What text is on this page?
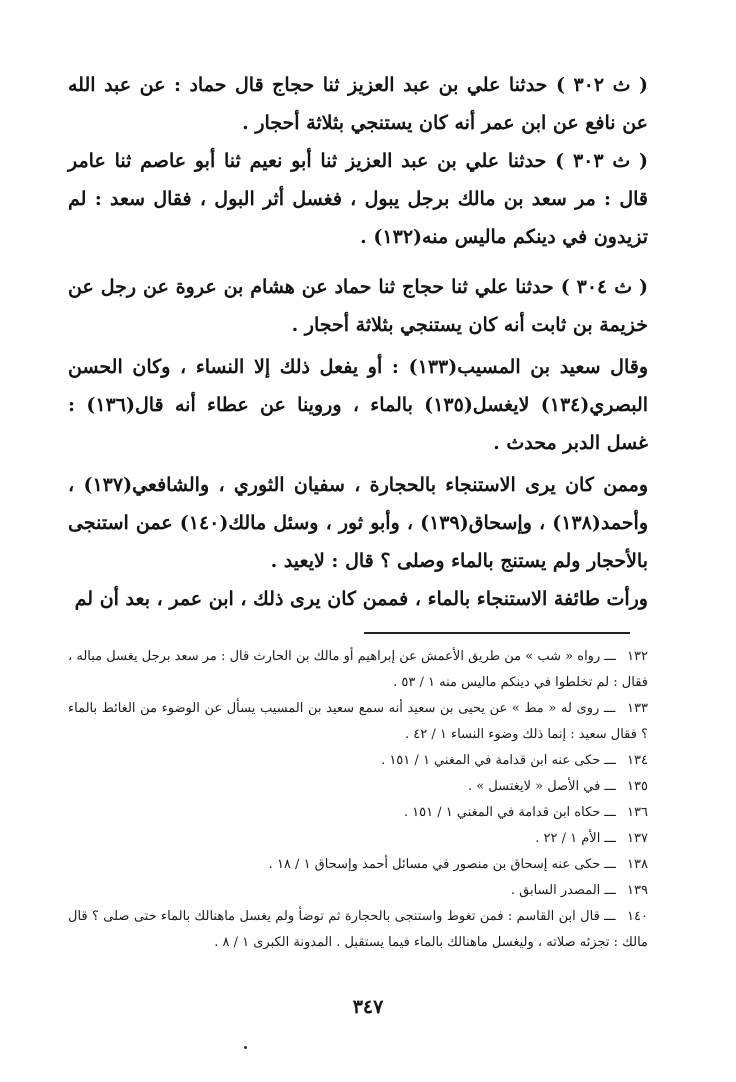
( ث ٣٠٢ ) حدثنا علي بن عبد العزيز ثنا حجاج قال حماد : عن عبد الله عن نافع عن ابن عمر أنه كان يستنجي بثلاثة أحجار .

( ث ٣٠٣ ) حدثنا علي بن عبد العزيز ثنا أبو نعيم ثنا أبو عاصم ثنا عامر قال : مر سعد بن مالك برجل يبول ، فغسل أثر البول ، فقال سعد : لم تزيدون في دينكم ماليس منه(١٣٢) .

( ث ٣٠٤ ) حدثنا علي ثنا حجاج ثنا حماد عن هشام بن عروة عن رجل عن خزيمة بن ثابت أنه كان يستنجي بثلاثة أحجار .

وقال سعيد بن المسيب(١٣٣) : أو يفعل ذلك إلا النساء ، وكان الحسن البصري(١٣٤) لايغسل(١٣٥) بالماء ، وروينا عن عطاء أنه قال(١٣٦) : غسل الدبر محدث .

وممن كان يرى الاستنجاء بالحجارة ، سفيان الثوري ، والشافعي(١٣٧) ، وأحمد(١٣٨) ، وإسحاق(١٣٩) ، وأبو ثور ، وسئل مالك(١٤٠) عمن استنجى بالأحجار ولم يستنج بالماء وصلى ؟ قال : لايعيد .

ورأت طائفة الاستنجاء بالماء ، فممن كان يرى ذلك ، ابن عمر ، بعد أن لم

١٣٢ ـــ رواه « شب » من طريق الأعمش عن إبراهيم أو مالك بن الحارث قال : مر سعد برجل يغسل مباله ، فقال : لم تخلطوا في دينكم ماليس منه ١ / ٥٣ .

١٣٣ ـــ روى له « مط » عن يحيى بن سعيد أنه سمع سعيد بن المسيب يسأل عن الوضوء من الغائط بالماء ؟ فقال سعيد : إنما ذلك وضوء النساء ١ / ٤٢ .

١٣٤ ـــ حكى عنه ابن قدامة في المغني ١ / ١٥١ .

١٣٥ ـــ في الأصل « لايغتسل » .

١٣٦ ـــ حكاه ابن قدامة في المغني ١ / ١٥١ .

١٣٧ ـــ الأم ١ / ٢٢ .

١٣٨ ـــ حكى عنه إسحاق بن منصور في مسائل أحمد وإسحاق ١ / ١٨ .

١٣٩ ـــ المصدر السابق .

١٤٠ ـــ قال ابن القاسم : فمن تغوط واستنجى بالحجارة ثم توضأ ولم يغسل ماهنالك بالماء حتى صلى ؟ قال مالك : تجزئه صلاته ، وليغسل ماهنالك بالماء فيما يستقبل . المدونة الكبرى ١ / ٨ .

٣٤٧
